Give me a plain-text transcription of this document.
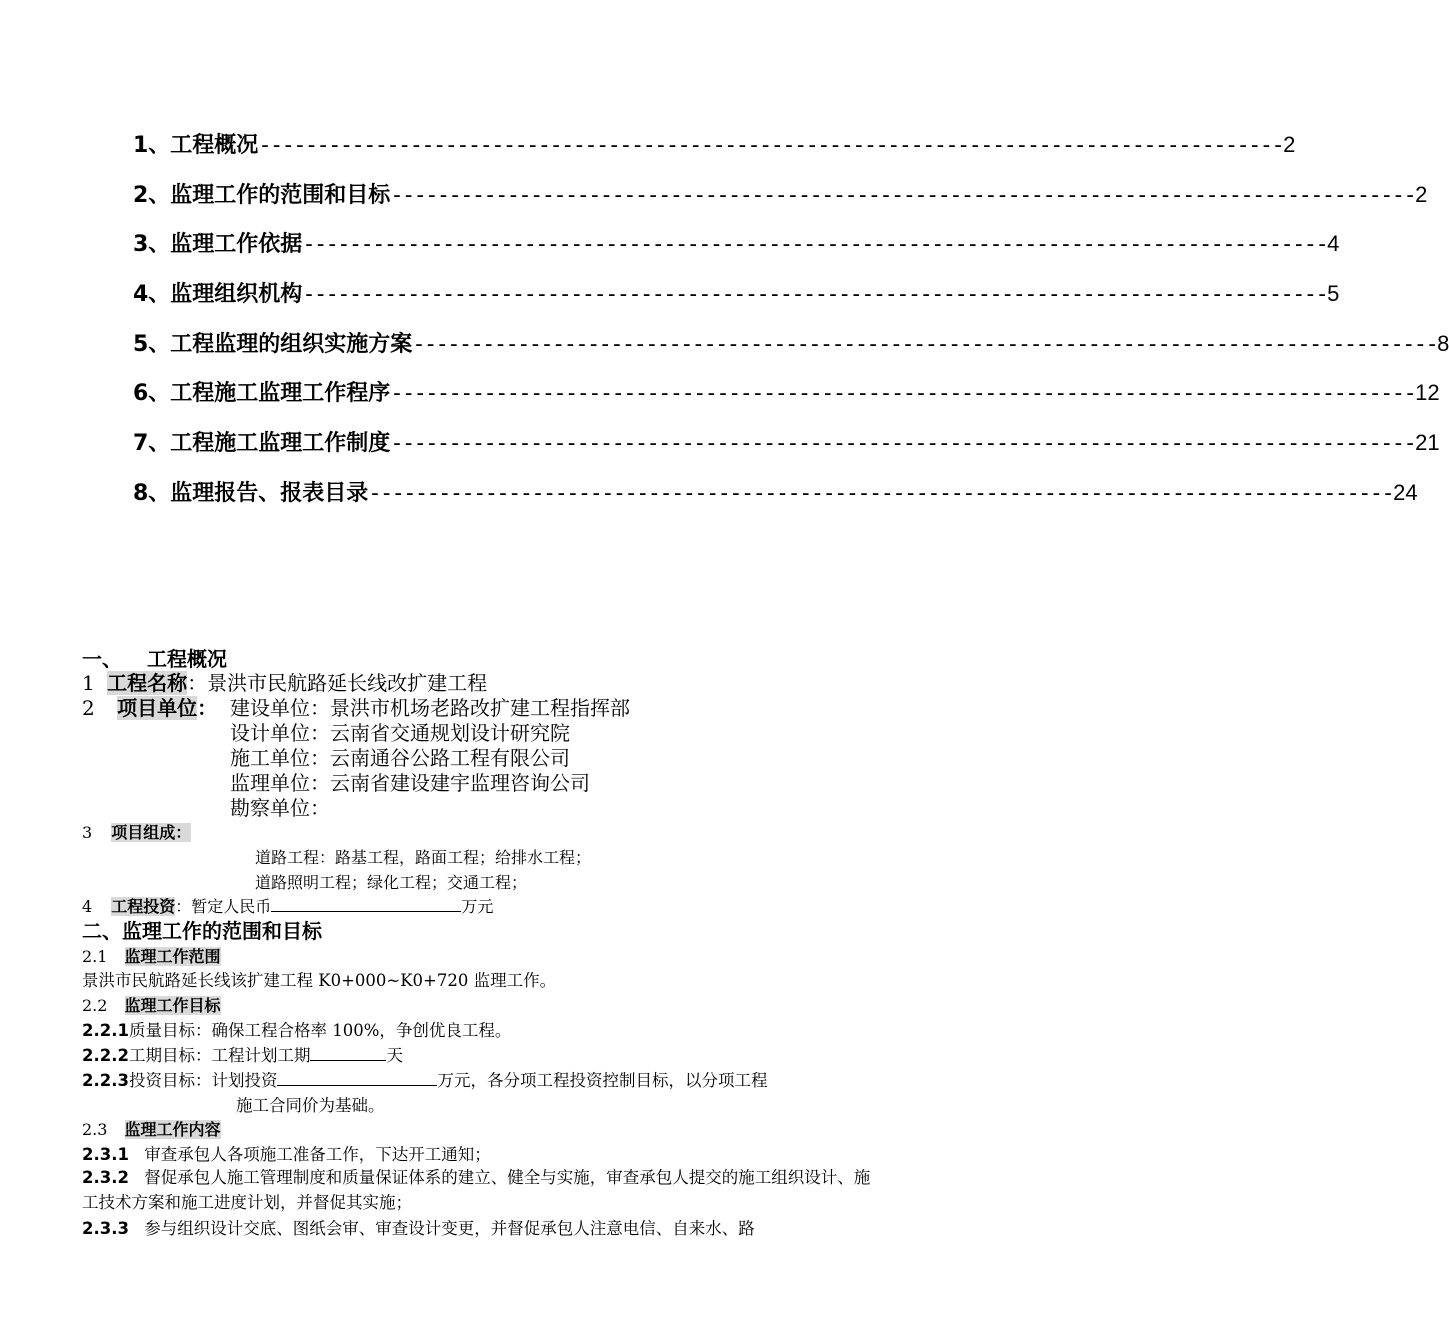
1、工程概况 ---------------------------------------------------------------------------------------- 2
2、监理工作的范围和目标 ---------------------------------------------------------------------------------------- 2
3、监理工作依据 ---------------------------------------------------------------------------------------- 4
4、监理组织机构 ---------------------------------------------------------------------------------------- 5
5、工程监理的组织实施方案 ---------------------------------------------------------------------------------------- 8
6、工程施工监理工作程序 ---------------------------------------------------------------------------------------- 12
7、工程施工监理工作制度 ---------------------------------------------------------------------------------------- 21
8、监理报告、报表目录 ---------------------------------------------------------------------------------------- 24
一、 工程概况
1 工程名称：景洪市民航路延长线改扩建工程
2 项目单位： 建设单位：景洪市机场老路改扩建工程指挥部
设计单位：云南省交通规划设计研究院
施工单位：云南通谷公路工程有限公司
监理单位：云南省建设建宇监理咨询公司
勘察单位：
3 项目组成：
道路工程：路基工程，路面工程；给排水工程；
道路照明工程；绿化工程；交通工程；
4 工程投资：暂定人民币	万元
二、监理工作的范围和目标
2.1 监理工作范围
景洪市民航路延长线该扩建工程 K0+000~K0+720 监理工作。
2.2 监理工作目标
2.2.1质量目标：确保工程合格率 100%，争创优良工程。
2.2.2工期目标：工程计划工期	天
2.2.3投资目标：计划投资	万元，各分项工程投资控制目标，以分项工程
施工合同价为基础。
2.3 监理工作内容
2.3.1 审查承包人各项施工准备工作，下达开工通知；
2.3.2 督促承包人施工管理制度和质量保证体系的建立、健全与实施，审查承包人提交的施工组织设计、施工技术方案和施工进度计划，并督促其实施；
2.3.3 参与组织设计交底、图纸会审、审查设计变更，并督促承包人注意电信、自来水、路
